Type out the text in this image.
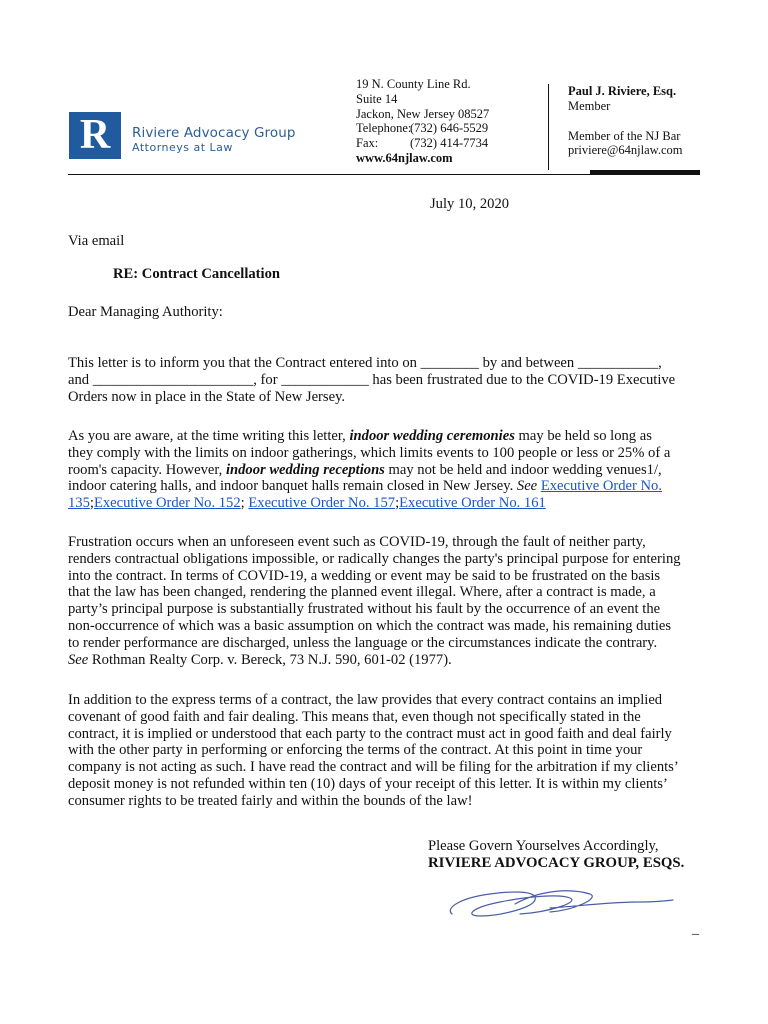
R	Riviere Advocacy Group
Attorneys at Law
19 N. County Line Rd.
Suite 14
Jackon, New Jersey 08527
Telephone:(732) 646-5529
Fax:	(732) 414-7734
www.64njlaw.com
Paul J. Riviere, Esq.
Member
Member of the NJ Bar
priviere@64njlaw.com
July 10, 2020
Via email
RE: Contract Cancellation
Dear Managing Authority:
This letter is to inform you that the Contract entered into on ________ by and between ___________,
and ______________________, for ____________ has been frustrated due to the COVID-19 Executive
Orders now in place in the State of New Jersey.
As you are aware, at the time writing this letter, indoor wedding ceremonies may be held so long as
they comply with the limits on indoor gatherings, which limits events to 100 people or less or 25% of a
room's capacity. However, indoor wedding receptions may not be held and indoor wedding venues1/,
indoor catering halls, and indoor banquet halls remain closed in New Jersey. See Executive Order No.
135;Executive Order No. 152; Executive Order No. 157;Executive Order No. 161
Frustration occurs when an unforeseen event such as COVID-19, through the fault of neither party,
renders contractual obligations impossible, or radically changes the party's principal purpose for entering
into the contract. In terms of COVID-19, a wedding or event may be said to be frustrated on the basis
that the law has been changed, rendering the planned event illegal. Where, after a contract is made, a
party’s principal purpose is substantially frustrated without his fault by the occurrence of an event the
non-occurrence of which was a basic assumption on which the contract was made, his remaining duties
to render performance are discharged, unless the language or the circumstances indicate the contrary.
See Rothman Realty Corp. v. Bereck, 73 N.J. 590, 601-02 (1977).
In addition to the express terms of a contract, the law provides that every contract contains an implied
covenant of good faith and fair dealing. This means that, even though not specifically stated in the
contract, it is implied or understood that each party to the contract must act in good faith and deal fairly
with the other party in performing or enforcing the terms of the contract. At this point in time your
company is not acting as such. I have read the contract and will be filing for the arbitration if my clients’
deposit money is not refunded within ten (10) days of your receipt of this letter. It is within my clients’
consumer rights to be treated fairly and within the bounds of the law!
Please Govern Yourselves Accordingly,
RIVIERE ADVOCACY GROUP, ESQS.
_
